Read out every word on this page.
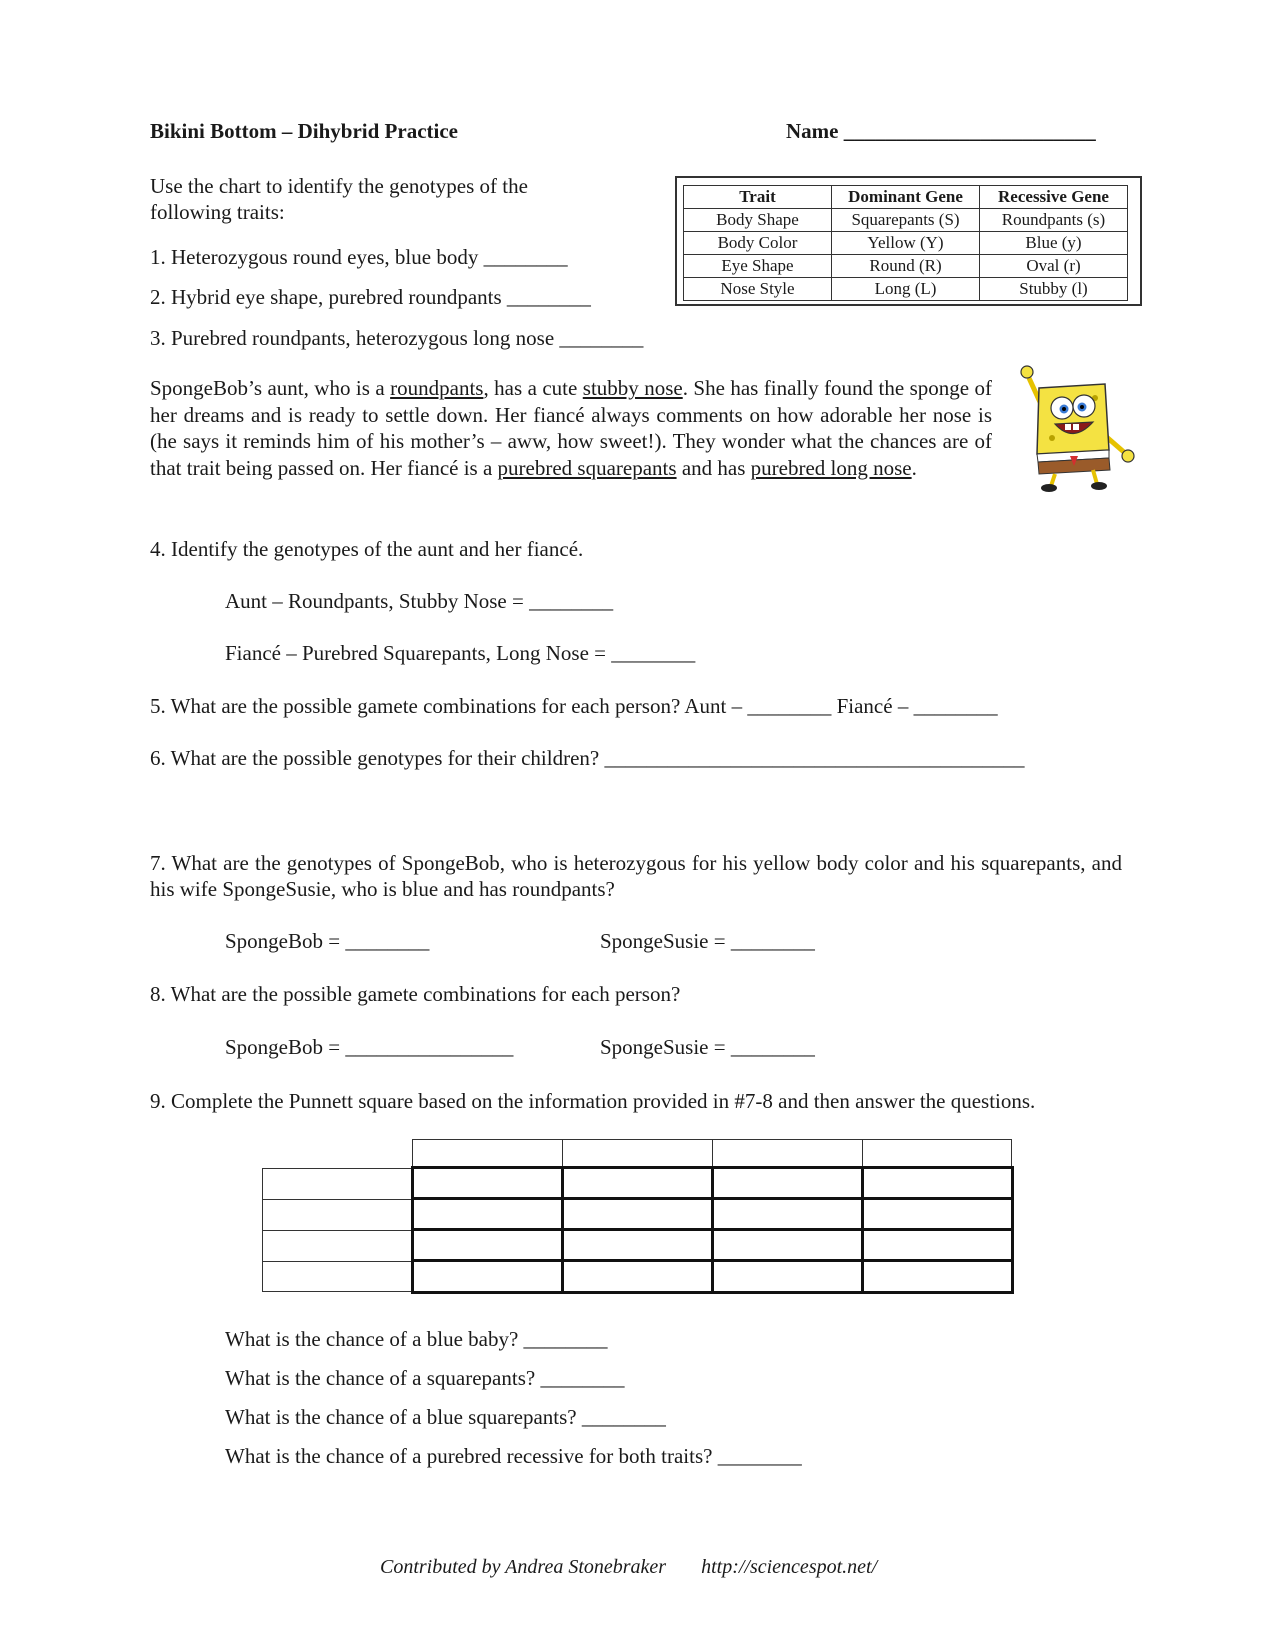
Bikini Bottom – Dihybrid Practice	Name ________________________
Use the chart to identify the genotypes of the following traits:
1. Heterozygous round eyes, blue body ________
2. Hybrid eye shape, purebred roundpants ________
3. Purebred roundpants, heterozygous long nose ________
Trait	Dominant Gene	Recessive Gene
Body Shape	Squarepants (S)	Roundpants (s)
Body Color	Yellow (Y)	Blue (y)
Eye Shape	Round (R)	Oval (r)
Nose Style	Long (L)	Stubby (l)
SpongeBob’s aunt, who is a roundpants, has a cute stubby nose. She has finally found the sponge of her dreams and is ready to settle down. Her fiancé always comments on how adorable her nose is (he says it reminds him of his mother’s – aww, how sweet!). They wonder what the chances are of that trait being passed on. Her fiancé is a purebred squarepants and has purebred long nose.
4. Identify the genotypes of the aunt and her fiancé.
Aunt – Roundpants, Stubby Nose = ________
Fiancé – Purebred Squarepants, Long Nose = ________
5. What are the possible gamete combinations for each person? Aunt – ________ Fiancé – ________
6. What are the possible genotypes for their children? ________________________________________
7. What are the genotypes of SpongeBob, who is heterozygous for his yellow body color and his squarepants, and his wife SpongeSusie, who is blue and has roundpants?
SpongeBob = ________	SpongeSusie = ________
8. What are the possible gamete combinations for each person?
SpongeBob = ________________	SpongeSusie = ________
9. Complete the Punnett square based on the information provided in #7-8 and then answer the questions.
What is the chance of a blue baby? ________
What is the chance of a squarepants? ________
What is the chance of a blue squarepants? ________
What is the chance of a purebred recessive for both traits? ________
Contributed by Andrea Stonebraker http://sciencespot.net/
